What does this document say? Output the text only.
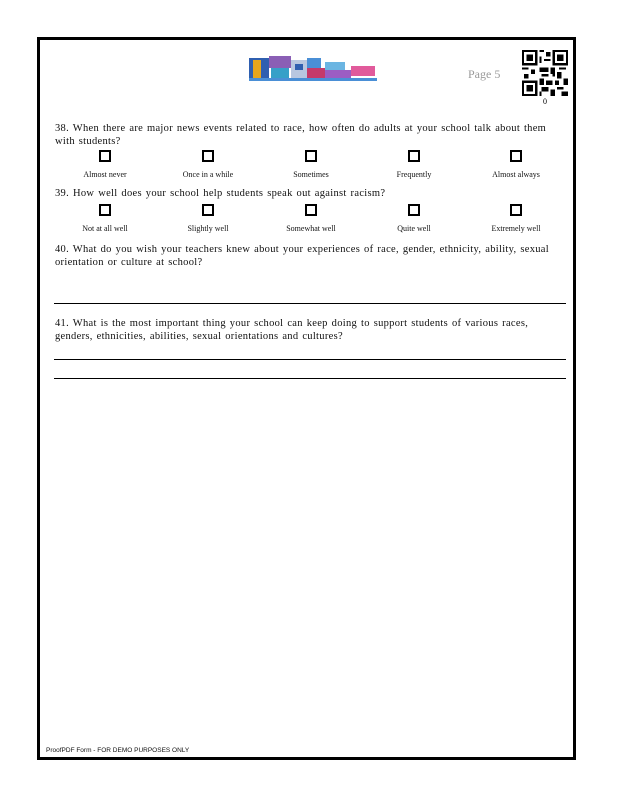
Page 5
0
38. When there are major news events related to race, how often do adults at your school talk about them with students?
Almost never	Once in a while	Sometimes	Frequently	Almost always
39. How well does your school help students speak out against racism?
Not at all well	Slightly well	Somewhat well	Quite well	Extremely well
40. What do you wish your teachers knew about your experiences of race, gender, ethnicity, ability, sexual orientation or culture at school?
41. What is the most important thing your school can keep doing to support students of various races, genders, ethnicities, abilities, sexual orientations and cultures?
ProofPDF Form - FOR DEMO PURPOSES ONLY
